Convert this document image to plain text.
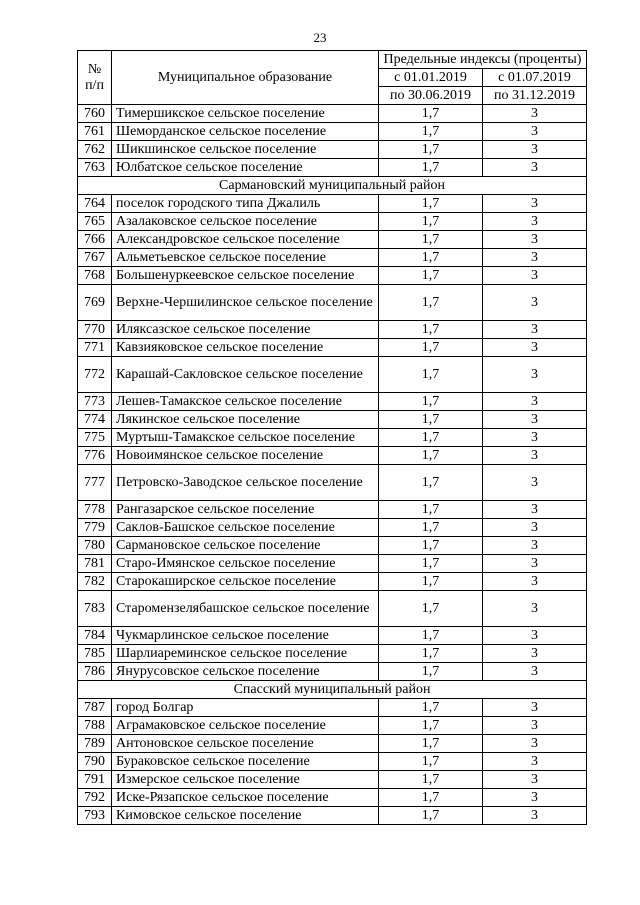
23
№
п/п	Муниципальное образование	Предельные индексы (проценты)	
		с 01.01.2019	с 01.07.2019
		по 30.06.2019	по 31.12.2019
760	Тимершикское сельское поселение	1,7	3
761	Шеморданское сельское поселение	1,7	3
762	Шикшинское сельское поселение	1,7	3
763	Юлбатское сельское поселение	1,7	3
Сармановский муниципальный район			
764	поселок городского типа Джалиль	1,7	3
765	Азалаковское сельское поселение	1,7	3
766	Александровское сельское поселение	1,7	3
767	Альметьевское сельское поселение	1,7	3
768	Большенуркеевское сельское поселение	1,7	3
769	Верхне-Чершилинское сельское поселение	1,7	3
770	Иляксазское сельское поселение	1,7	3
771	Кавзияковское сельское поселение	1,7	3
772	Карашай-Сакловское сельское поселение	1,7	3
773	Лешев-Тамакское сельское поселение	1,7	3
774	Лякинское сельское поселение	1,7	3
775	Муртыш-Тамакское сельское поселение	1,7	3
776	Новоимянское сельское поселение	1,7	3
777	Петровско-Заводское сельское поселение	1,7	3
778	Рангазарское сельское поселение	1,7	3
779	Саклов-Башское сельское поселение	1,7	3
780	Сармановское сельское поселение	1,7	3
781	Старо-Имянское сельское поселение	1,7	3
782	Старокаширское сельское поселение	1,7	3
783	Старомензелябашское сельское поселение	1,7	3
784	Чукмарлинское сельское поселение	1,7	3
785	Шарлиареминское сельское поселение	1,7	3
786	Янурусовское сельское поселение	1,7	3
Спасский муниципальный район			
787	город Болгар	1,7	3
788	Аграмаковское сельское поселение	1,7	3
789	Антоновское сельское поселение	1,7	3
790	Бураковское сельское поселение	1,7	3
791	Измерское сельское поселение	1,7	3
792	Иске-Рязапское сельское поселение	1,7	3
793	Кимовское сельское поселение	1,7	3
